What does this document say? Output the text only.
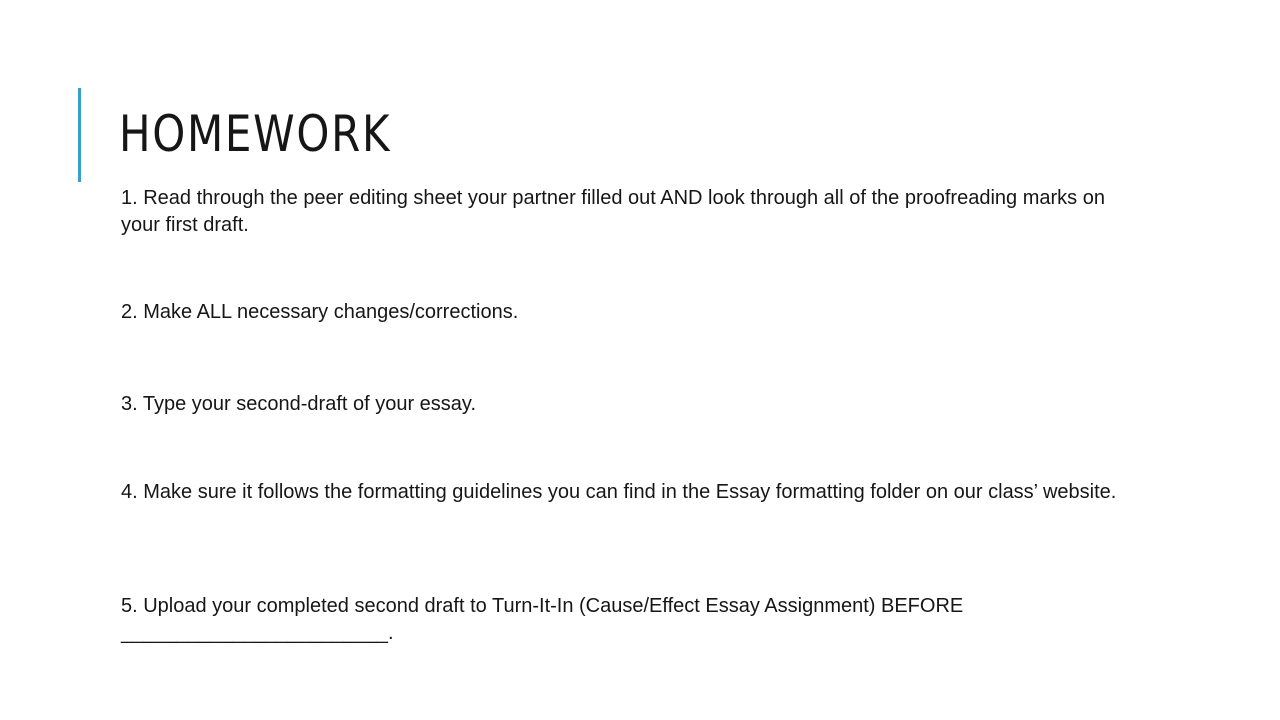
HOMEWORK
1. Read through the peer editing sheet your partner filled out AND look through all of the proofreading marks on your first draft.
2. Make ALL necessary changes/corrections.
3. Type your second-draft of your essay.
4. Make sure it follows the formatting guidelines you can find in the Essay formatting folder on our class’ website.
5. Upload your completed second draft to Turn-It-In (Cause/Effect Essay Assignment) BEFORE ________________________.
